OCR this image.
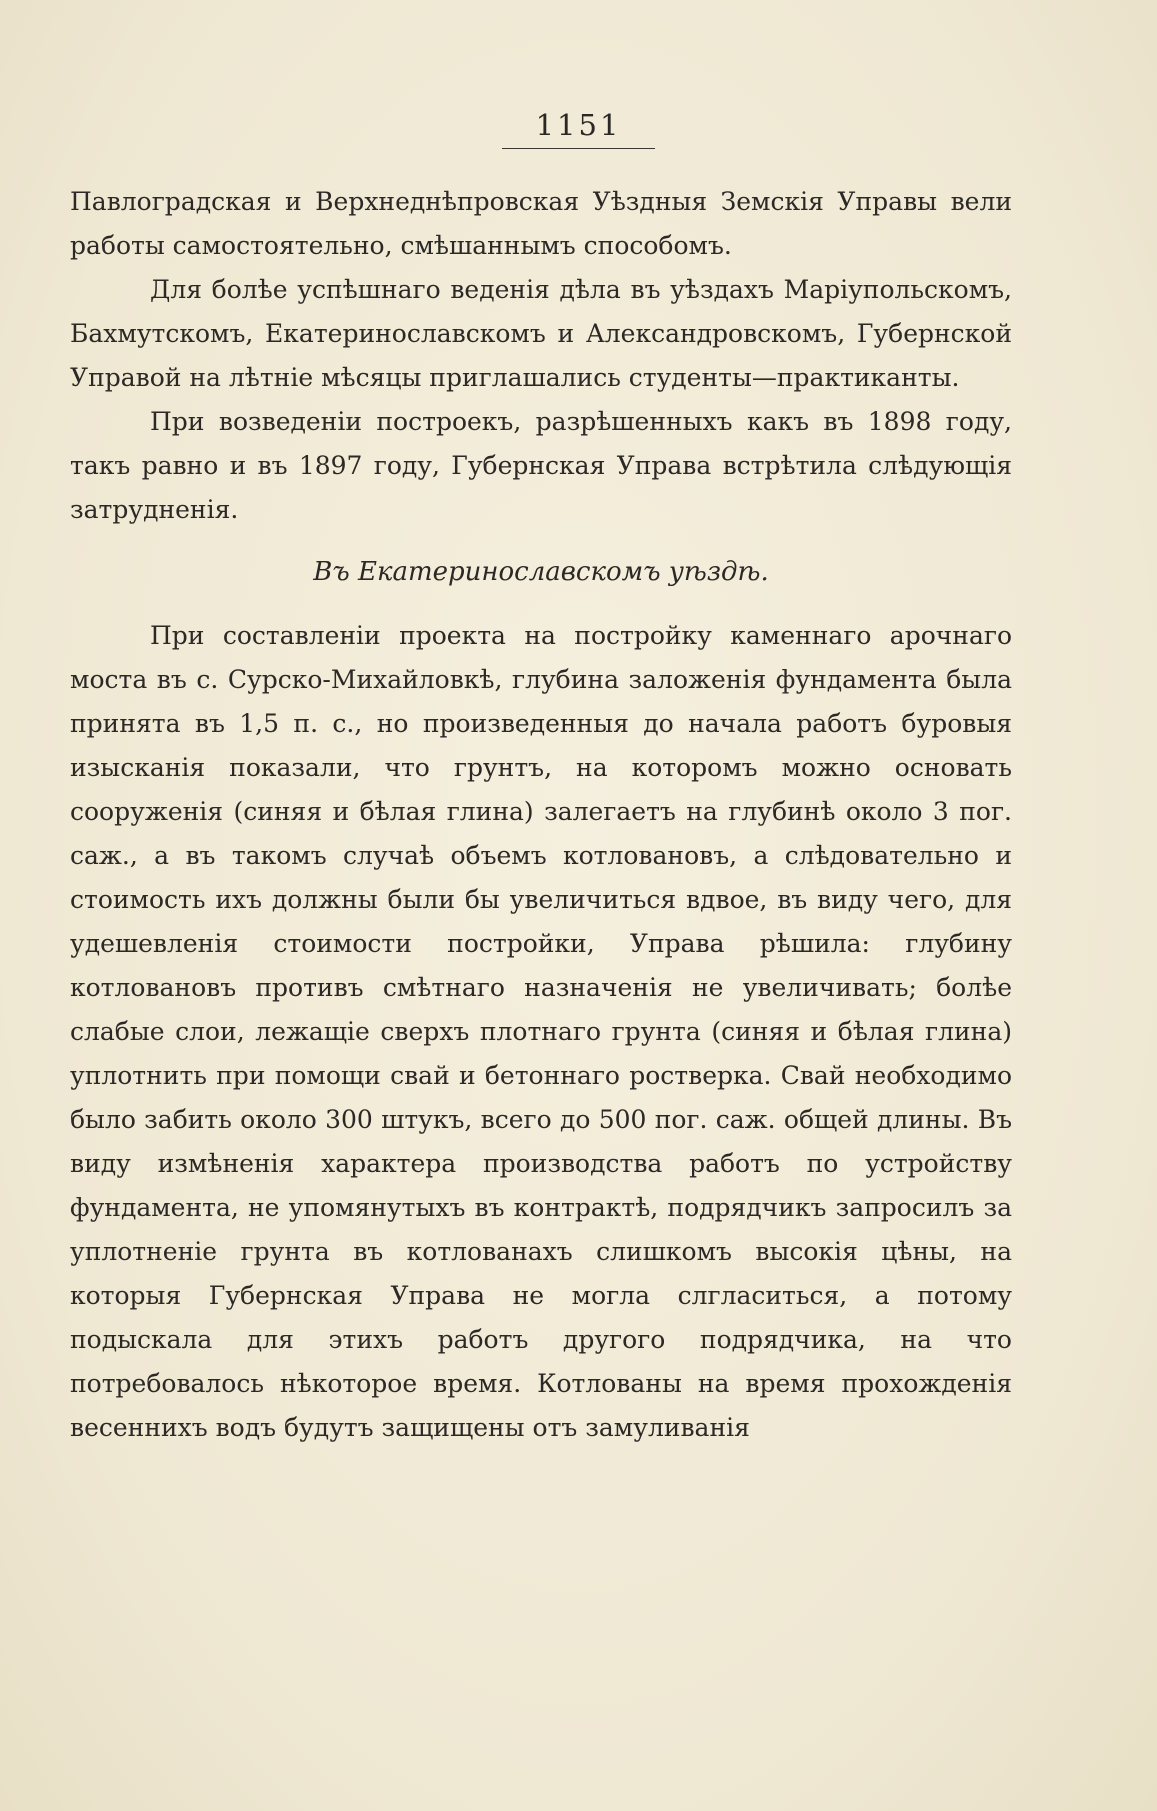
1151

Павлоградская и Верхнеднѣпровская Уѣздныя Земскія Управы вели работы самостоятельно, смѣшаннымъ способомъ.

Для болѣе успѣшнаго веденія дѣла въ уѣздахъ Маріупольскомъ, Бахмутскомъ, Екатеринославскомъ и Александровскомъ, Губернской Управой на лѣтніе мѣсяцы приглашались студенты—практиканты.

При возведеніи построекъ, разрѣшенныхъ какъ въ 1898 году, такъ равно и въ 1897 году, Губернская Управа встрѣтила слѣдующія затрудненія.

Въ Екатеринославскомъ уѣздѣ.

При составленіи проекта на постройку каменнаго арочнаго моста въ с. Сурско-Михайловкѣ, глубина заложенія фундамента была принята въ 1,5 п. с., но произведенныя до начала работъ буровыя изысканія показали, что грунтъ, на которомъ можно основать сооруженія (синяя и бѣлая глина) залегаетъ на глубинѣ около 3 пог. саж., а въ такомъ случаѣ объемъ котловановъ, а слѣдовательно и стоимость ихъ должны были бы увеличиться вдвое, въ виду чего, для удешевленія стоимости постройки, Управа рѣшила: глубину котловановъ противъ смѣтнаго назначенія не увеличивать; болѣе слабые слои, лежащіе сверхъ плотнаго грунта (синяя и бѣлая глина) уплотнить при помощи свай и бетоннаго ростверка. Свай необходимо было забить около 300 штукъ, всего до 500 пог. саж. общей длины. Въ виду измѣненія характера производства работъ по устройству фундамента, не упомянутыхъ въ контрактѣ, подрядчикъ запросилъ за уплотненіе грунта въ котлованахъ слишкомъ высокія цѣны, на которыя Губернская Управа не могла слгласиться, а потому подыскала для этихъ работъ другого подрядчика, на что потребовалось нѣкоторое время. Котлованы на время прохожденія весеннихъ водъ будутъ защищены отъ замуливанія
